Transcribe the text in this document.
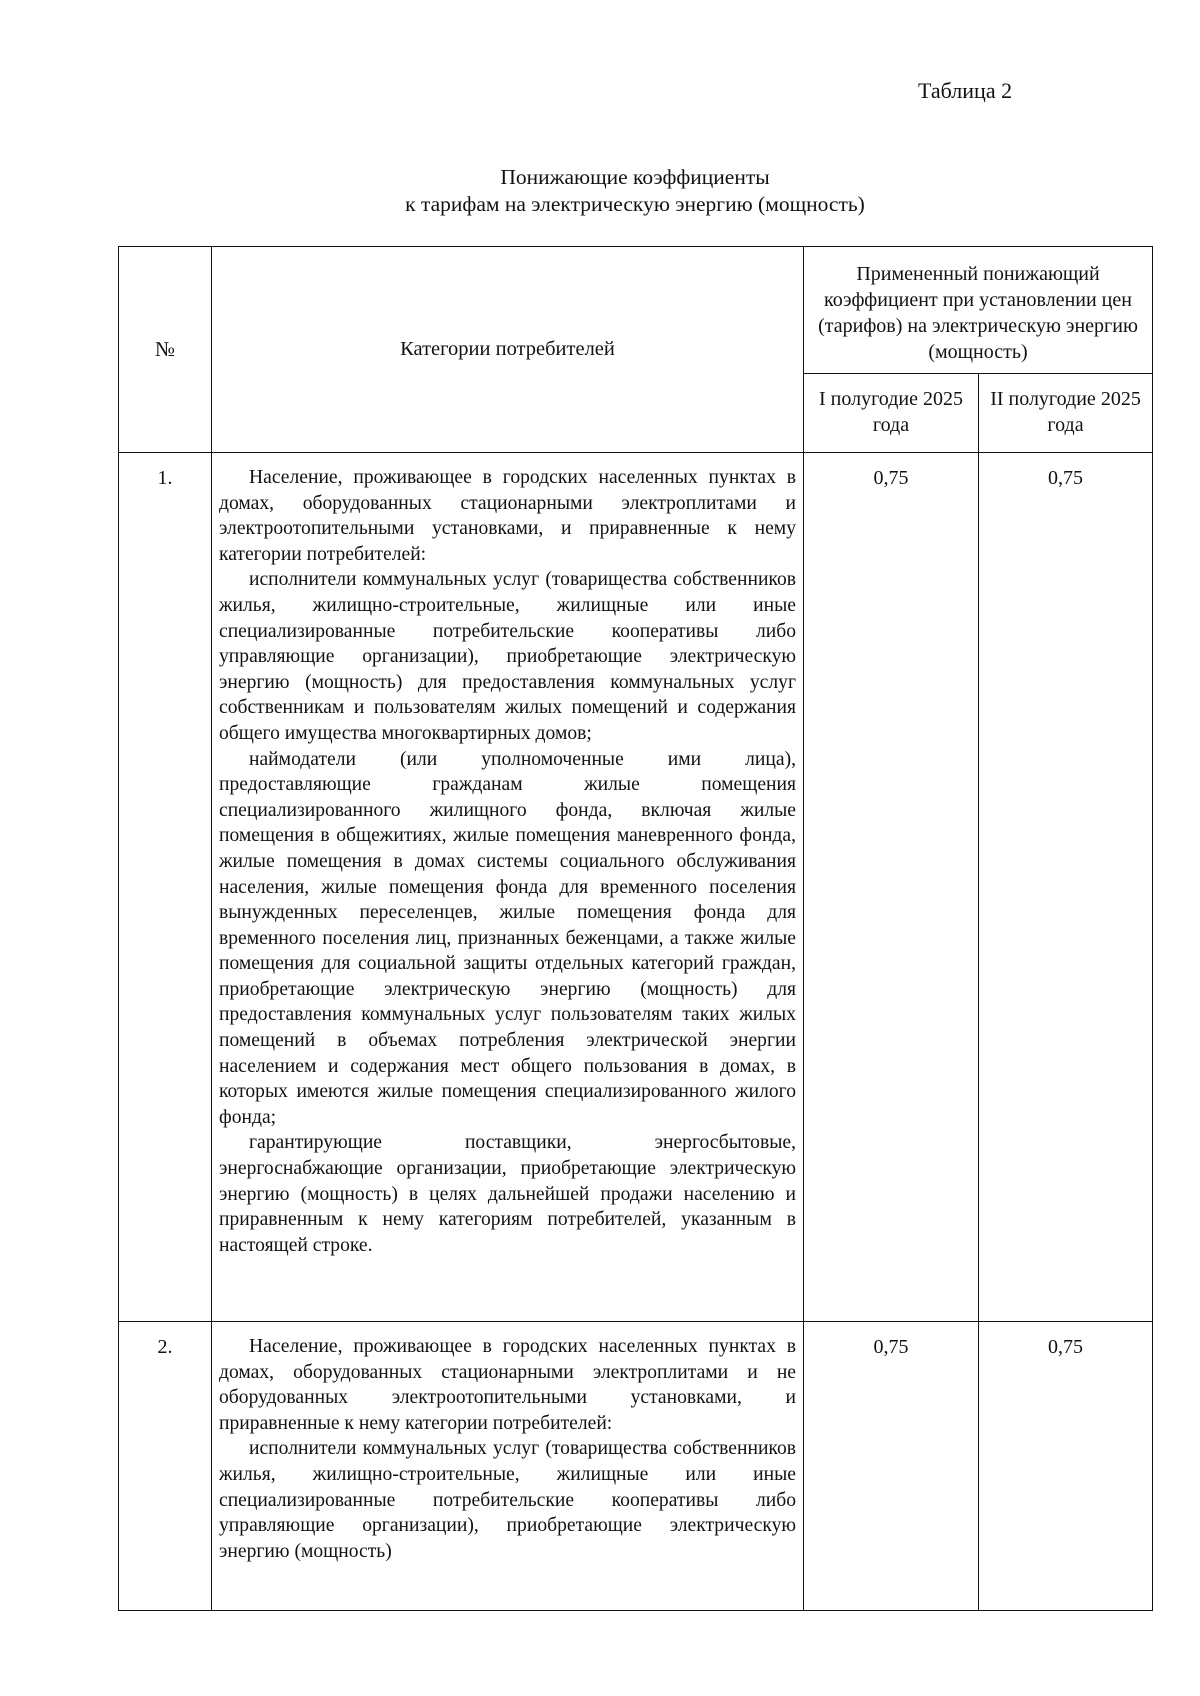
Таблица 2
Понижающие коэффициенты
к тарифам на электрическую энергию (мощность)
№	Категории потребителей	Примененный понижающий коэффициент при установлении цен (тарифов) на электрическую энергию (мощность)	
		I полугодие 2025 года	II полугодие 2025 года
1.	Население, проживающее в городских населенных пунктах в домах, оборудованных стационарными электроплитами и электроотопительными установками, и приравненные к нему категории потребителей:

исполнители коммунальных услуг (товарищества собственников жилья, жилищно-строительные, жилищные или иные специализированные потребительские кооперативы либо управляющие организации), приобретающие электрическую энергию (мощность) для предоставления коммунальных услуг собственникам и пользователям жилых помещений и содержания общего имущества многоквартирных домов;

наймодатели (или уполномоченные ими лица), предоставляющие гражданам жилые помещения специализированного жилищного фонда, включая жилые помещения в общежитиях, жилые помещения маневренного фонда, жилые помещения в домах системы социального обслуживания населения, жилые помещения фонда для временного поселения вынужденных переселенцев, жилые помещения фонда для временного поселения лиц, признанных беженцами, а также жилые помещения для социальной защиты отдельных категорий граждан, приобретающие электрическую энергию (мощность) для предоставления коммунальных услуг пользователям таких жилых помещений в объемах потребления электрической энергии населением и содержания мест общего пользования в домах, в которых имеются жилые помещения специализированного жилого фонда;

гарантирующие поставщики, энергосбытовые, энергоснабжающие организации, приобретающие электрическую энергию (мощность) в целях дальнейшей продажи населению и приравненным к нему категориям потребителей, указанным в настоящей строке.	0,75	0,75
2.	Население, проживающее в городских населенных пунктах в домах, оборудованных стационарными электроплитами и не оборудованных электроотопительными установками, и приравненные к нему категории потребителей:

исполнители коммунальных услуг (товарищества собственников жилья, жилищно-строительные, жилищные или иные специализированные потребительские кооперативы либо управляющие организации), приобретающие электрическую энергию (мощность)	0,75	0,75
